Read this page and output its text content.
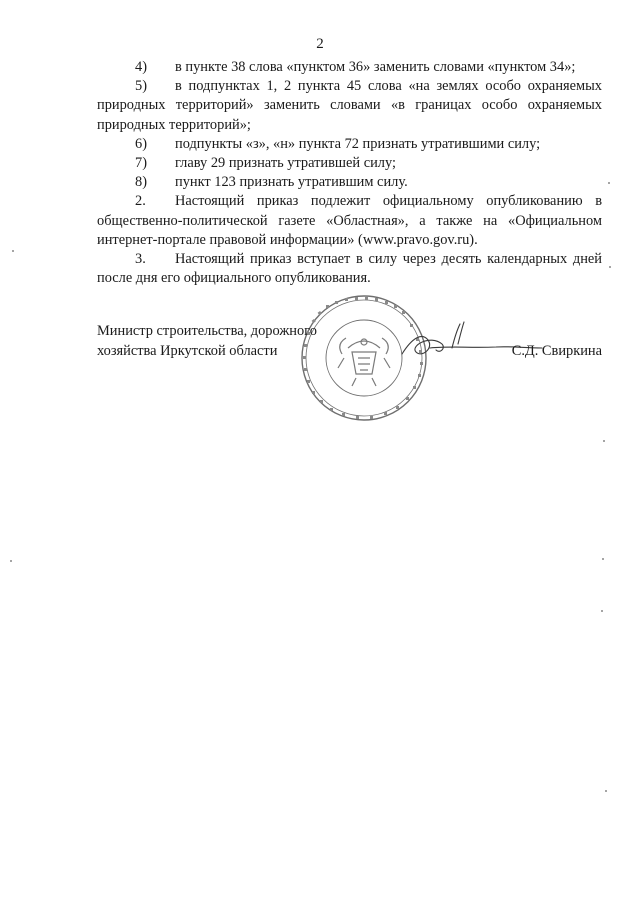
2
4) в пункте 38 слова «пунктом 36» заменить словами «пунктом 34»;
5) в подпунктах 1, 2 пункта 45 слова «на землях особо охраняемых
природных территорий» заменить словами «в границах особо охраняемых
природных территорий»;
6) подпункты «з», «н» пункта 72 признать утратившими силу;
7) главу 29 признать утратившей силу;
8) пункт 123 признать утратившим силу.
2. Настоящий приказ подлежит официальному опубликованию в
общественно-политической газете «Областная», а также на «Официальном
интернет-портале правовой информации» (www.pravo.gov.ru).
3. Настоящий приказ вступает в силу через десять календарных дней
после дня его официального опубликования.
Министр строительства, дорожного
хозяйства Иркутской области	С.Д. Свиркина
